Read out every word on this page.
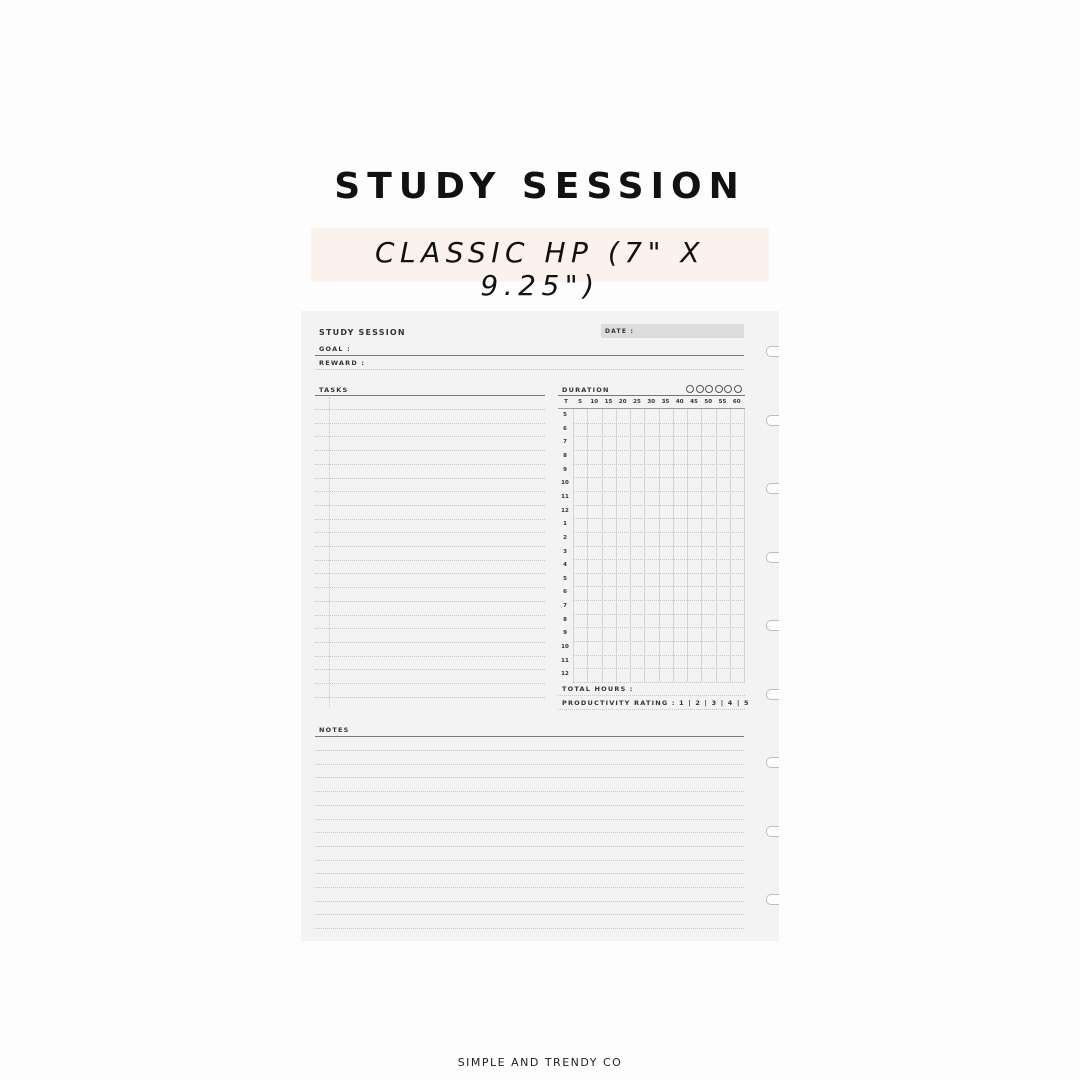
STUDY SESSION
CLASSIC HP (7" X 9.25")
STUDY SESSION	DATE :
GOAL :
REWARD :
TASKS	DURATION
T	5	10	15	20	25	30	35	40	45	50	55	60
5
6
7
8
9
10
11
12
1
2
3
4
5
6
7
8
9
10
11
12
TOTAL HOURS :
PRODUCTIVITY RATING : 1 | 2 | 3 | 4 | 5
NOTES
SIMPLE AND TRENDY CO
